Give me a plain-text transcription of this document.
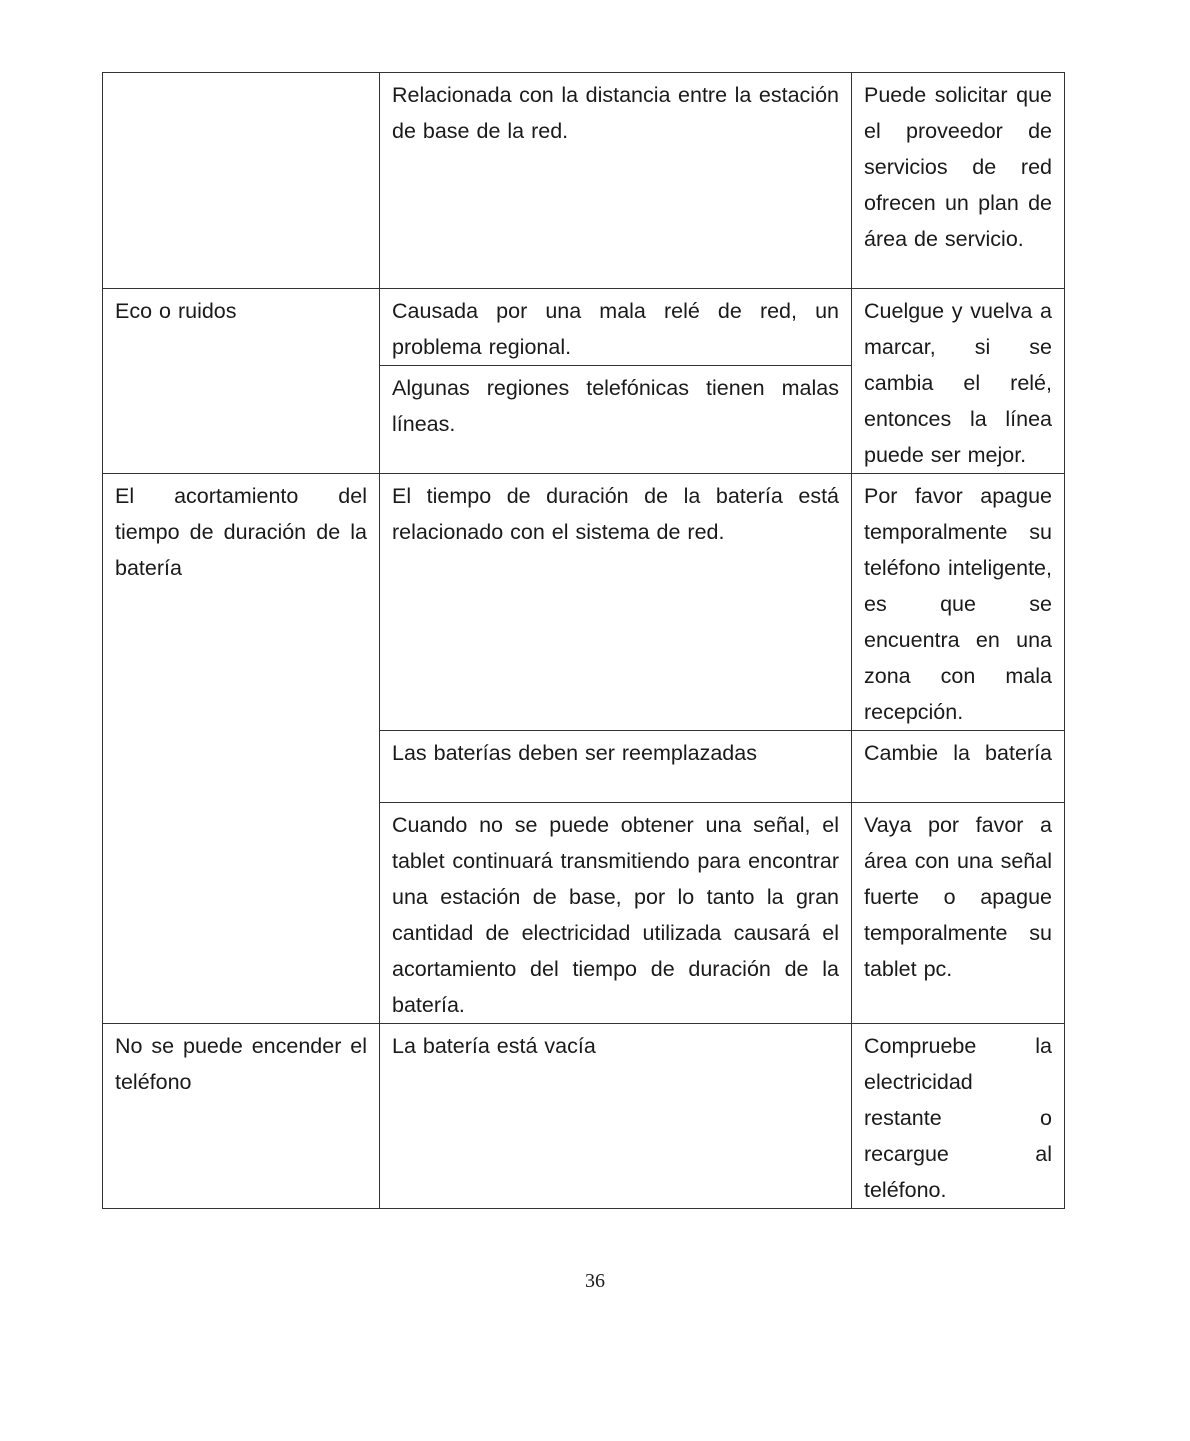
	Relacionada con la distancia entre la estación de base de la red.	Puede solicitar que el proveedor de servicios de red ofrecen un plan de área de servicio.
Eco o ruidos	Causada por una mala relé de red, un problema regional.	Cuelgue y vuelva a marcar, si se cambia el relé, entonces la línea puede ser mejor.
	Algunas regiones telefónicas tienen malas líneas.	
El acortamiento del tiempo de duración de la batería	El tiempo de duración de la batería está relacionado con el sistema de red.	Por favor apague temporalmente su teléfono inteligente, es que se encuentra en una zona con mala recepción.
	Las baterías deben ser reemplazadas	Cambie la batería
	Cuando no se puede obtener una señal, el tablet continuará transmitiendo para encontrar una estación de base, por lo tanto la gran cantidad de electricidad utilizada causará el acortamiento del tiempo de duración de la batería.	Vaya por favor a área con una señal fuerte o apague temporalmente su tablet pc.
No se puede encender el teléfono	La batería está vacía	Compruebe la electricidad restante o recargue al teléfono.
36
